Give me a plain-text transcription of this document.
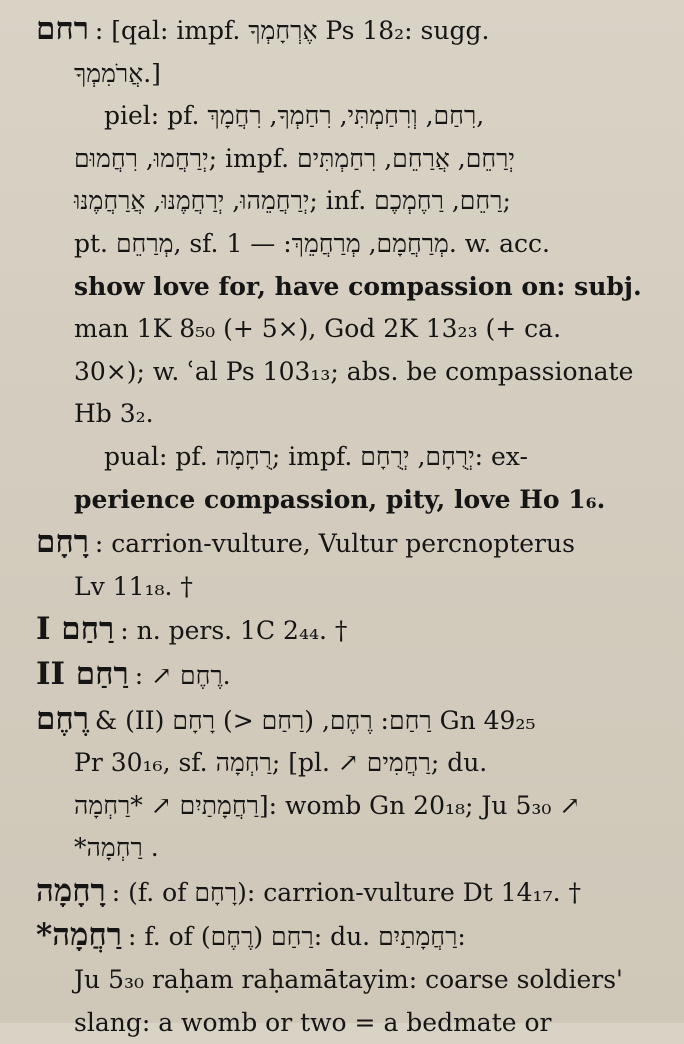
רחם : [qal: impf. אֶרְחָמְךָ Ps 18₂: sugg.
אֲרֹמִמְךָ.]
piel: pf. רִחַם, וְרִחַמְתִּי, רִחַמְךָ, רִחֲמָךְ,
יְרַחֲמוּ, רִחֲמוּם; impf. יְרַחֵם, אֲרַחֵם, רִחַמְתִּים
יְרַחֲמֵהוּ, יְרַחֲמֶנּוּ, אֲרַחֲמֶנּוּ; inf. רַחֵם, רַחֶמְכֶם;
pt. מְרַחֵם, sf. מְרַחֲמָם, מְרַחֲמֵךְ: — 1. w. acc.
show love for, have compassion on: subj.
man 1K 8₅₀ (+ 5×), God 2K 13₂₃ (+ ca.
30×); w. ʿal Ps 103₁₃; abs. be compassionate
Hb 3₂.
pual: pf. רֻחָמָה; impf. יְרֻחָם, יְרֻחָם: ex-
perience compassion, pity, love Ho 1₆.
רָחָם : carrion-vulture, Vultur percnopterus
Lv 11₁₈. †
I רַחַם : n. pers. 1C 2₄₄. †
II רַחַם : ↗ רֶחֶם.
רֶחֶם & (II) רַחַם: רֶחֶם, (רַחַם <) רָחָם Gn 49₂₅
Pr 30₁₆, sf. רַחְמָה; [pl. ↗ רַחֲמִים; du.
רַחֲמָתַיִם ↗ *רַחְמָה]: womb Gn 20₁₈; Ju 5₃₀ ↗
*רַחְמָה .
רָחָמָה : (f. of רָחָם): carrion-vulture Dt 14₁₇. †
*רַחֲמָה : f. of רַחַם (רֶחֶם): du. רַחֲמָתַיִם:
Ju 5₃₀ raḥam raḥamātayim: coarse soldiers'
slang: a womb or two = a bedmate or
